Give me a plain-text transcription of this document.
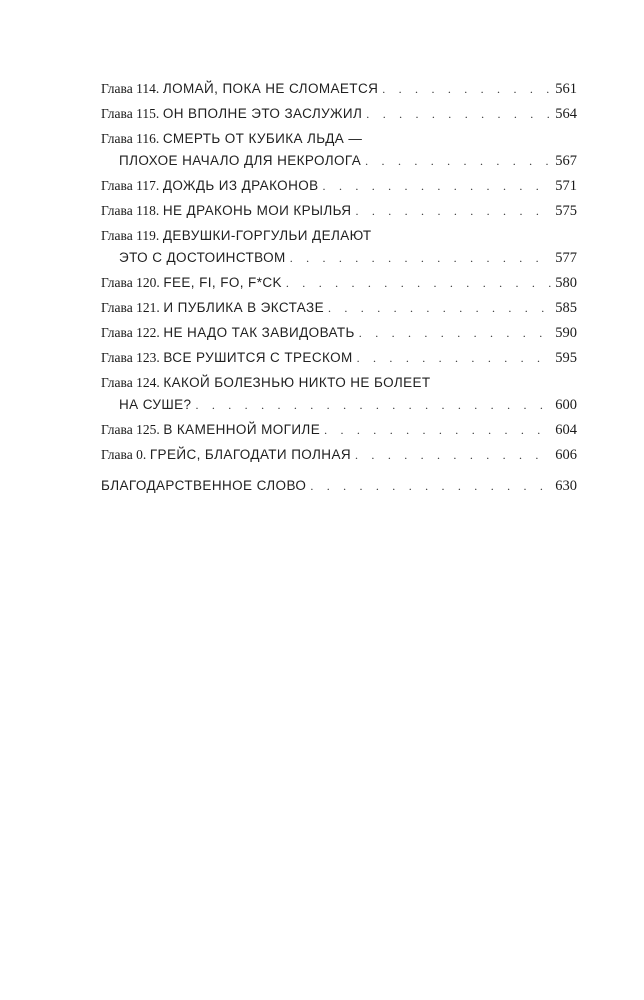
Глава 114.
ЛОМАЙ, ПОКА НЕ СЛОМАЕТСЯ . . .	561
Глава 115.
ОН ВПОЛНЕ ЭТО ЗАСЛУЖИЛ . . .	564
Глава 116.
СМЕРТЬ ОТ КУБИКА ЛЬДА —
ПЛОХОЕ НАЧАЛО ДЛЯ НЕКРОЛОГА . . .	567
Глава 117.
ДОЖДЬ ИЗ ДРАКОНОВ . . .	571
Глава 118.
НЕ ДРАКОНЬ МОИ КРЫЛЬЯ . . .	575
Глава 119.
ДЕВУШКИ-ГОРГУЛЬИ ДЕЛАЮТ
ЭТО С ДОСТОИНСТВОМ . . .	577
Глава 120.
FEE, FI, FO, F*CK . . .	580
Глава 121.
И ПУБЛИКА В ЭКСТАЗЕ . . .	585
Глава 122.
НЕ НАДО ТАК ЗАВИДОВАТЬ . . .	590
Глава 123.
ВСЕ РУШИТСЯ С ТРЕСКОМ . . .	595
Глава 124.
КАКОЙ БОЛЕЗНЬЮ НИКТО НЕ БОЛЕЕТ
НА СУШЕ? . . .	600
Глава 125.
В КАМЕННОЙ МОГИЛЕ . . .	604
Глава 0.
ГРЕЙС, БЛАГОДАТИ ПОЛНАЯ . . .	606
БЛАГОДАРСТВЕННОЕ СЛОВО . . .	630
